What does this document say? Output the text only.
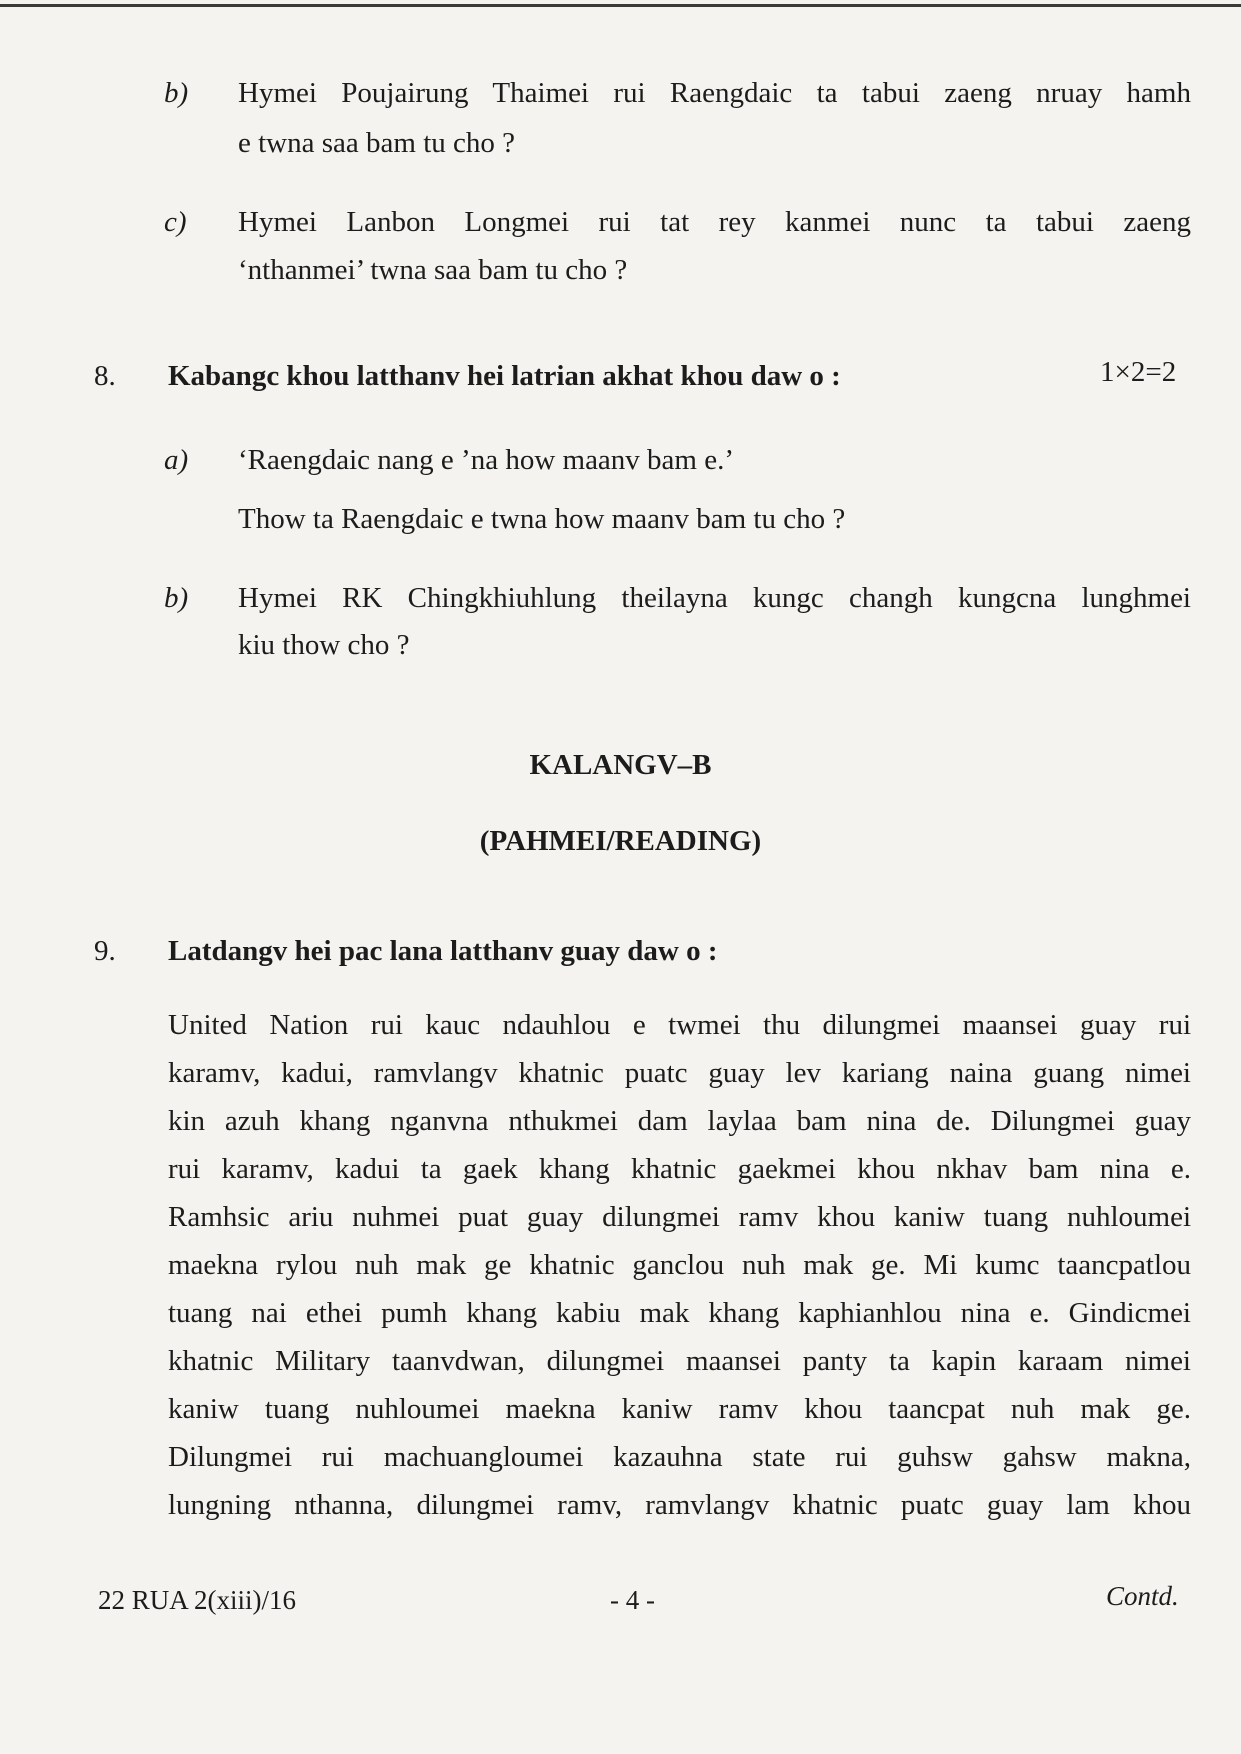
b) Hymei Poujairung Thaimei rui Raengdaic ta tabui zaeng nruay hamh
e twna saa bam tu cho ?
c) Hymei Lanbon Longmei rui tat rey kanmei nunc ta tabui zaeng
‘nthanmei’ twna saa bam tu cho ?
8. Kabangc khou latthanv hei latrian akhat khou daw o :	1×2=2
a) ‘Raengdaic nang e ’na how maanv bam e.’
Thow ta Raengdaic e twna how maanv bam tu cho ?
b) Hymei RK Chingkhiuhlung theilayna kungc changh kungcna lunghmei
kiu thow cho ?
KALANGV–B
(PAHMEI/READING)
9. Latdangv hei pac lana latthanv guay daw o :
United Nation rui kauc ndauhlou e twmei thu dilungmei maansei guay rui
karamv, kadui, ramvlangv khatnic puatc guay lev kariang naina guang nimei
kin azuh khang nganvna nthukmei dam laylaa bam nina de. Dilungmei guay
rui karamv, kadui ta gaek khang khatnic gaekmei khou nkhav bam nina e.
Ramhsic ariu nuhmei puat guay dilungmei ramv khou kaniw tuang nuhloumei
maekna rylou nuh mak ge khatnic ganclou nuh mak ge. Mi kumc taancpatlou
tuang nai ethei pumh khang kabiu mak khang kaphianhlou nina e. Gindicmei
khatnic Military taanvdwan, dilungmei maansei panty ta kapin karaam nimei
kaniw tuang nuhloumei maekna kaniw ramv khou taancpat nuh mak ge.
Dilungmei rui machuangloumei kazauhna state rui guhsw gahsw makna,
lungning nthanna, dilungmei ramv, ramvlangv khatnic puatc guay lam khou
22 RUA 2(xiii)/16	- 4 -	Contd.
